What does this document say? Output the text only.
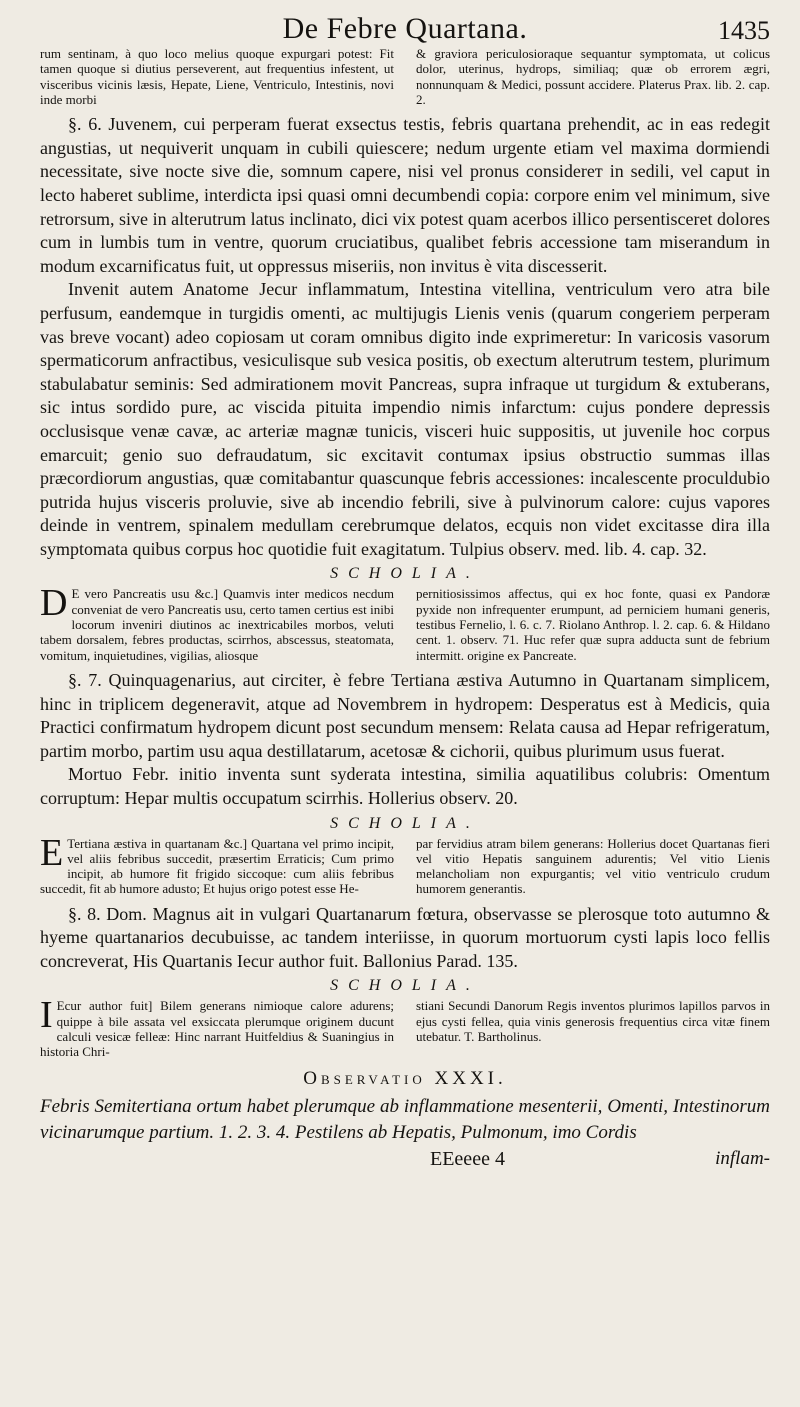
De Febre Quartana.	1435
rum sentinam, à quo loco melius quoque expurgari potest: Fit tamen quoque si diutius perseverent, aut frequentius infestent, ut visceribus vicinis læsis, Hepate, Liene, Ventriculo, Intestinis, novi inde morbi
& graviora periculosioraque sequantur symptomata, ut colicus dolor, uterinus, hydrops, similiaq; quæ ob errorem ægri, nonnunquam & Medici, possunt accidere. Platerus Prax. lib. 2. cap. 2.

§. 6. Juvenem, cui perperam fuerat exsectus testis, febris quartana prehendit, ac in eas redegit angustias, ut nequiverit unquam in cubili quiescere; nedum urgente etiam vel maxima dormiendi necessitate, sive nocte sive die, somnum capere, nisi vel pronus considerет in sedili, vel caput in lecto haberet sublime, interdicta ipsi quasi omni decumbendi copia: corpore enim vel minimum, sive retrorsum, sive in alterutrum latus inclinato, dici vix potest quam acerbos illico persentisceret dolores cum in lumbis tum in ventre, quorum cruciatibus, qualibet febris accessione tam miserandum in modum excarnificatus fuit, ut oppressus miseriis, non invitus è vita discesserit.

Invenit autem Anatome Jecur inflammatum, Intestina vitellina, ventriculum vero atra bile perfusum, eandemque in turgidis omenti, ac multijugis Lienis venis (quarum congeriem perperam vas breve vocant) adeo copiosam ut coram omnibus digito inde exprimeretur: In varicosis vasorum spermaticorum anfractibus, vesiculisque sub vesica positis, ob exectum alterutrum testem, plurimum stabulabatur seminis: Sed admirationem movit Pancreas, supra infraque ut turgidum & extuberans, sic intus sordido pure, ac viscida pituita impendio nimis infarctum: cujus pondere depressis occlusisque venæ cavæ, ac arteriæ magnæ tunicis, visceri huic suppositis, ut juvenile hoc corpus emarcuit; genio suo defraudatum, sic excitavit contumax ipsius obstructio summas illas præcordiorum angustias, quæ comitabantur quascunque febris accessiones: incalescente proculdubio putrida hujus visceris proluvie, sive ab incendio febrili, sive à pulvinorum calore: cujus vapores deinde in ventrem, spinalem medullam cerebrumque delatos, ecquis non videt excitasse dira illa symptomata quibus corpus hoc quotidie fuit exagitatum. Tulpius observ. med. lib. 4. cap. 32.

SCHOLIA.
D E vero Pancreatis usu &c.] Quamvis inter medicos necdum conveniat de vero Pancreatis usu, certo tamen certius est inibi locorum inveniri diutinos ac inextricabiles morbos, veluti tabem dorsalem, febres productas, scirrhos, abscessus, steatomata, vomitum, inquietudines, vigilias, aliosque
pernitiosissimos affectus, qui ex hoc fonte, quasi ex Pandoræ pyxide non infrequenter erumpunt, ad perniciem humani generis, testibus Fernelio, l. 6. c. 7. Riolano Anthrop. l. 2. cap. 6. & Hildano cent. 1. observ. 71. Huc refer quæ supra adducta sunt de febrium intermitt. origine ex Pancreate.

§. 7. Quinquagenarius, aut circiter, è febre Tertiana æstiva Autumno in Quartanam simplicem, hinc in triplicem degeneravit, atque ad Novembrem in hydropem: Desperatus est à Medicis, quia Practici confirmatum hydropem dicunt post secundum mensem: Relata causa ad Hepar refrigeratum, partim morbo, partim usu aqua destillatarum, acetosæ & cichorii, quibus plurimum usus fuerat.

Mortuo Febr. initio inventa sunt syderata intestina, similia aquatilibus colubris: Omentum corruptum: Hepar multis occupatum scirrhis. Hollerius observ. 20.

SCHOLIA.
E Tertiana æstiva in quartanam &c.] Quartana vel primo incipit, vel aliis febribus succedit, præsertim Erraticis; Cum primo incipit, ab humore fit frigido siccoque: cum aliis febribus succedit, fit ab humore adusto; Et hujus origo potest esse He-
par fervidius atram bilem generans: Hollerius docet Quartanas fieri vel vitio Hepatis sanguinem adurentis; Vel vitio Lienis melancholiam non expurgantis; vel vitio ventriculo crudum humorem generantis.

§. 8. Dom. Magnus ait in vulgari Quartanarum fœtura, observasse se plerosque toto autumno & hyeme quartanarios decubuisse, ac tandem interiisse, in quorum mortuorum cysti lapis loco fellis concreverat, His Quartanis Iecur author fuit. Ballonius Parad. 135.

SCHOLIA.
I Ecur author fuit] Bilem generans nimioque calore adurens; quippe à bile assata vel exsiccata plerumque originem ducunt calculi vesicæ felleæ: Hinc narrant Huitfeldius & Suaningius in historia Chri-
stiani Secundi Danorum Regis inventos plurimos lapillos parvos in ejus cysti fellea, quia vinis generosis frequentius circa vitæ finem utebatur. T. Bartholinus.
Observatio XXXI.
Febris Semitertiana ortum habet plerumque ab inflammatione mesenterii, Omenti, Intestinorum vicinarumque partium. 1. 2. 3. 4. Pestilens ab Hepatis, Pulmonum, imo Cordis
EEeeee 4	inflam-
